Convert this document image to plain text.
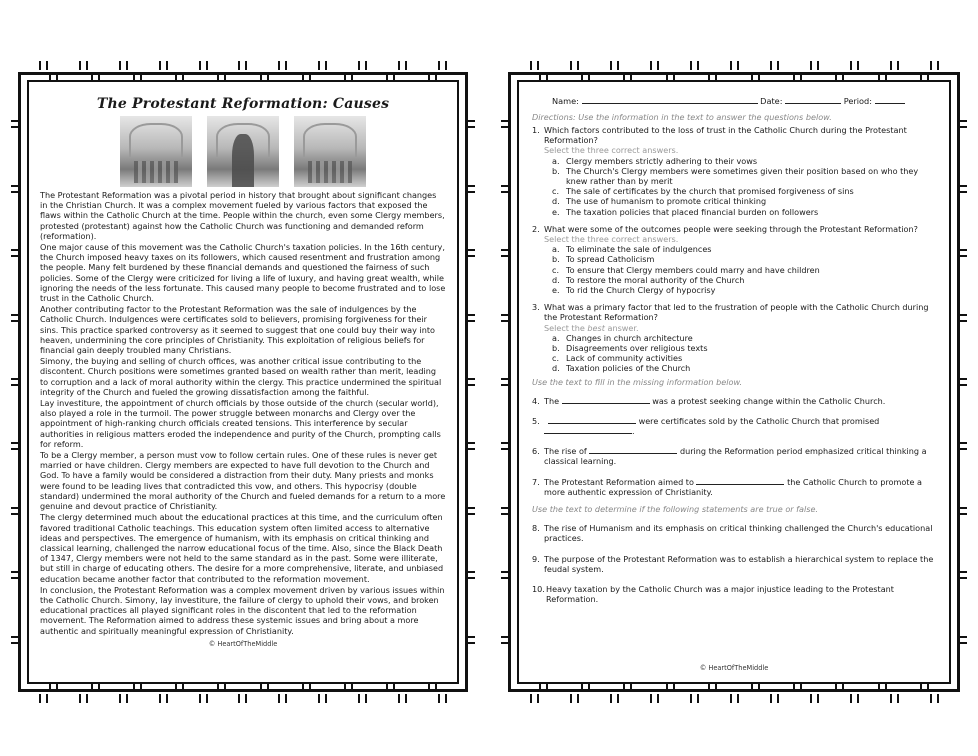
The Protestant Reformation: Causes

The Protestant Reformation was a pivotal period in history that brought about significant changes in the Christian Church. It was a complex movement fueled by various factors that exposed the flaws within the Catholic Church at the time. People within the church, even some Clergy members, protested (protestant) against how the Catholic Church was functioning and demanded reform (reformation).

One major cause of this movement was the Catholic Church's taxation policies. In the 16th century, the Church imposed heavy taxes on its followers, which caused resentment and frustration among the people. Many felt burdened by these financial demands and questioned the fairness of such policies. Some of the Clergy were criticized for living a life of luxury, and having great wealth, while ignoring the needs of the less fortunate. This caused many people to become frustrated and to lose trust in the Catholic Church.

Another contributing factor to the Protestant Reformation was the sale of indulgences by the Catholic Church. Indulgences were certificates sold to believers, promising forgiveness for their sins. This practice sparked controversy as it seemed to suggest that one could buy their way into heaven, undermining the core principles of Christianity. This exploitation of religious beliefs for financial gain deeply troubled many Christians.

Simony, the buying and selling of church offices, was another critical issue contributing to the discontent. Church positions were sometimes granted based on wealth rather than merit, leading to corruption and a lack of moral authority within the clergy. This practice undermined the spiritual integrity of the Church and fueled the growing dissatisfaction among the faithful.

Lay investiture, the appointment of church officials by those outside of the church (secular world), also played a role in the turmoil. The power struggle between monarchs and Clergy over the appointment of high-ranking church officials created tensions. This interference by secular authorities in religious matters eroded the independence and purity of the Church, prompting calls for reform.

To be a Clergy member, a person must vow to follow certain rules. One of these rules is never get married or have children. Clergy members are expected to have full devotion to the Church and God. To have a family would be considered a distraction from their duty. Many priests and monks were found to be leading lives that contradicted this vow, and others. This hypocrisy (double standard) undermined the moral authority of the Church and fueled demands for a return to a more genuine and devout practice of Christianity.

The clergy determined much about the educational practices at this time, and the curriculum often favored traditional Catholic teachings. This education system often limited access to alternative ideas and perspectives. The emergence of humanism, with its emphasis on critical thinking and classical learning, challenged the narrow educational focus of the time. Also, since the Black Death of 1347, Clergy members were not held to the same standard as in the past. Some were illiterate, but still in charge of educating others. The desire for a more comprehensive, literate, and unbiased education became another factor that contributed to the reformation movement.

In conclusion, the Protestant Reformation was a complex movement driven by various issues within the Catholic Church. Simony, lay investiture, the failure of clergy to uphold their vows, and broken educational practices all played significant roles in the discontent that led to the reformation movement. The Reformation aimed to address these systemic issues and bring about a more authentic and spiritually meaningful expression of Christianity.

© HeartOfTheMiddle
Name:	Date:	Period:
Directions: Use the information in the text to answer the questions below.
1. Which factors contributed to the loss of trust in the Catholic Church during the Protestant Reformation?
Select the three correct answers.
a. Clergy members strictly adhering to their vows
b. The Church's Clergy members were sometimes given their position based on who they knew rather than by merit
c. The sale of certificates by the church that promised forgiveness of sins
d. The use of humanism to promote critical thinking
e. The taxation policies that placed financial burden on followers
2. What were some of the outcomes people were seeking through the Protestant Reformation?
Select the three correct answers.
a. To eliminate the sale of indulgences
b. To spread Catholicism
c. To ensure that Clergy members could marry and have children
d. To restore the moral authority of the Church
e. To rid the Church Clergy of hypocrisy
3. What was a primary factor that led to the frustration of people with the Catholic Church during the Protestant Reformation?
Select the best answer.
a. Changes in church architecture
b. Disagreements over religious texts
c. Lack of community activities
d. Taxation policies of the Church
Use the text to fill in the missing information below.
4. The	was a protest seeking change within the Catholic Church.
5.	were certificates sold by the Catholic Church that promised
.
6. The rise of	during the Reformation period emphasized critical thinking a classical learning.
7. The Protestant Reformation aimed to	the Catholic Church to promote a more authentic expression of Christianity.
Use the text to determine if the following statements are true or false.
8. The rise of Humanism and its emphasis on critical thinking challenged the Church's educational practices.
9. The purpose of the Protestant Reformation was to establish a hierarchical system to replace the feudal system.
10. Heavy taxation by the Catholic Church was a major injustice leading to the Protestant Reformation.
© HeartOfTheMiddle
